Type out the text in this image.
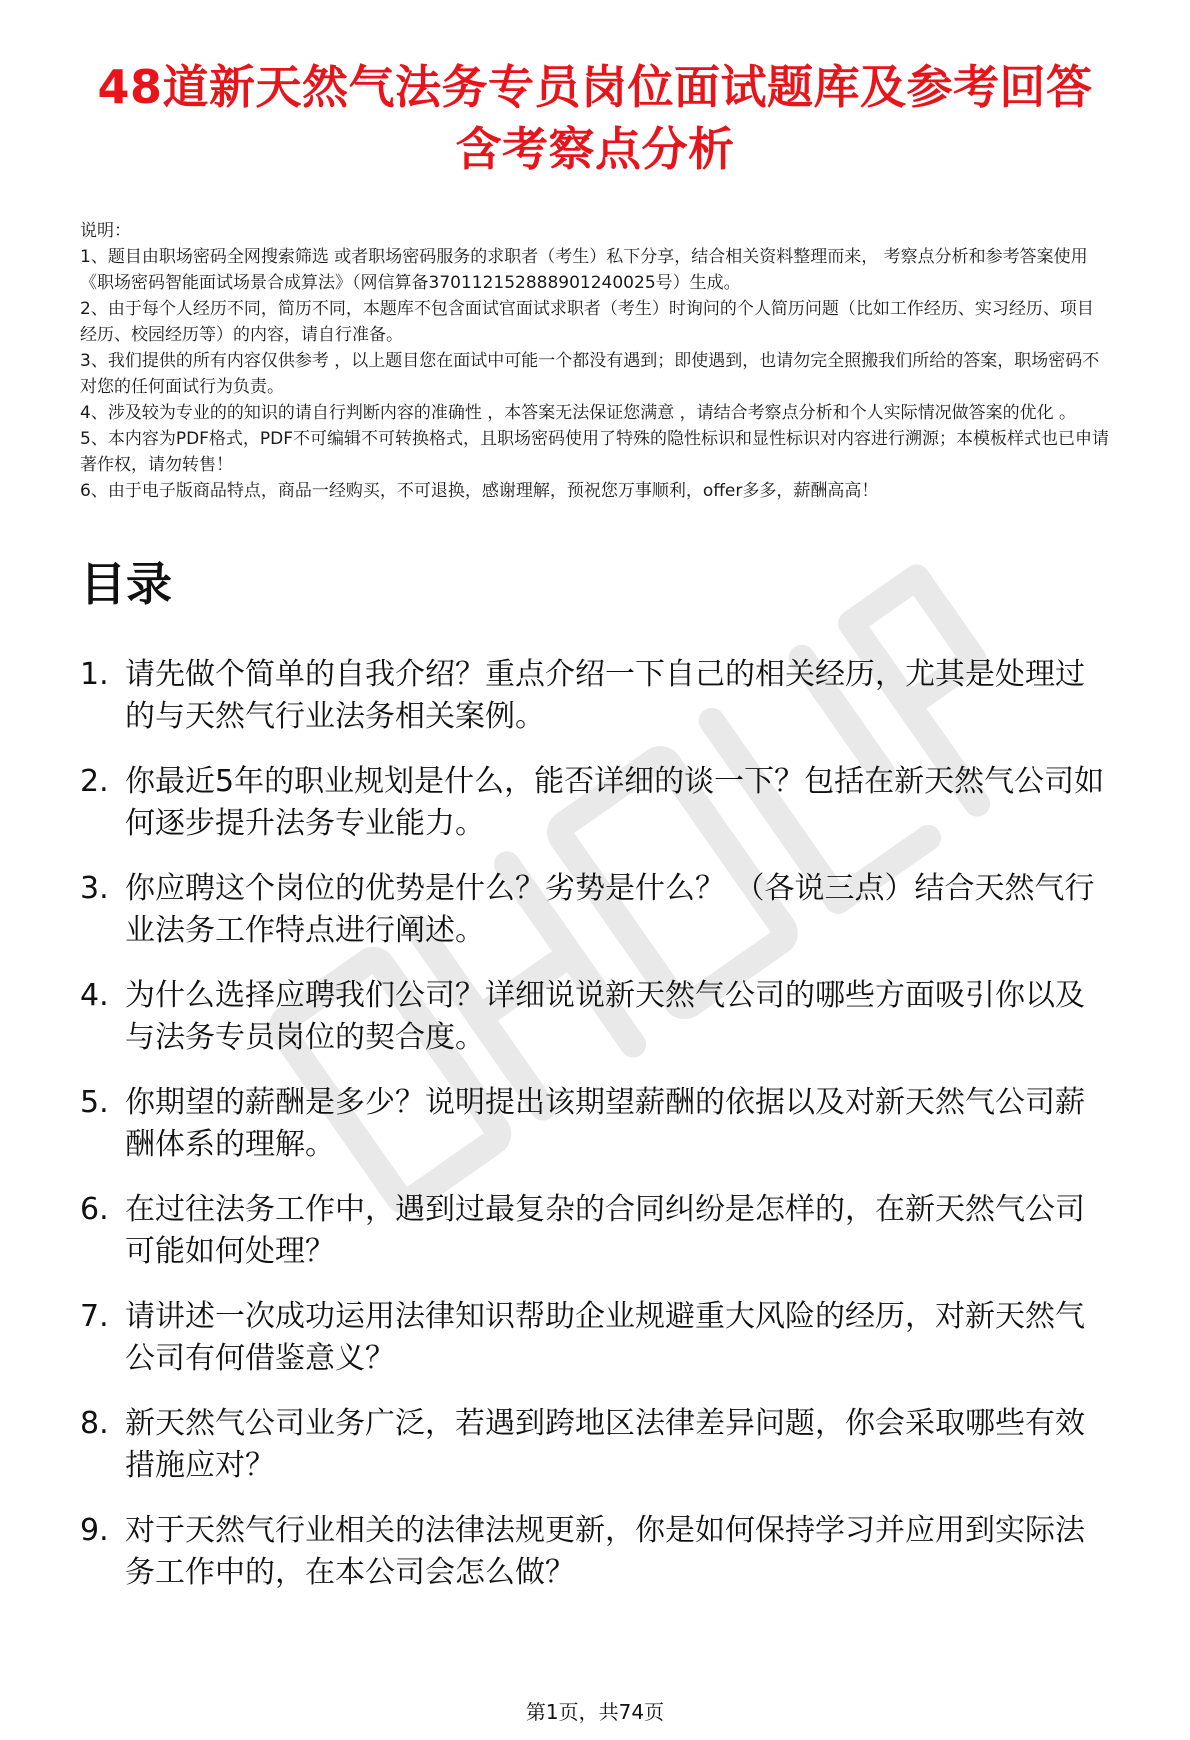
48道新天然气法务专员岗位面试题库及参考回答含考察点分析

说明：

1、题目由职场密码全网搜索筛选 或者职场密码服务的求职者（考生）私下分享，结合相关资料整理而来， 考察点分析和参考答案使用《职场密码智能面试场景合成算法》（网信算备370112152888901240025号）生成。

2、由于每个人经历不同，简历不同，本题库不包含面试官面试求职者（考生）时询问的个人简历问题（比如工作经历、实习经历、项目经历、校园经历等）的内容，请自行准备。

3、我们提供的所有内容仅供参考 ，以上题目您在面试中可能一个都没有遇到；即使遇到，也请勿完全照搬我们所给的答案，职场密码不对您的任何面试行为负责。

4、涉及较为专业的的知识的请自行判断内容的准确性 ，本答案无法保证您满意 ，请结合考察点分析和个人实际情况做答案的优化 。

5、本内容为PDF格式，PDF不可编辑不可转换格式，且职场密码使用了特殊的隐性标识和显性标识对内容进行溯源；本模板样式也已申请著作权，请勿转售！

6、由于电子版商品特点，商品一经购买，不可退换，感谢理解，预祝您万事顺利，offer多多，薪酬高高！

目录
1. 请先做个简单的自我介绍？重点介绍一下自己的相关经历，尤其是处理过的与天然气行业法务相关案例。
2. 你最近5年的职业规划是什么，能否详细的谈一下？包括在新天然气公司如何逐步提升法务专业能力。
3. 你应聘这个岗位的优势是什么？劣势是什么？ （各说三点）结合天然气行业法务工作特点进行阐述。
4. 为什么选择应聘我们公司？详细说说新天然气公司的哪些方面吸引你以及与法务专员岗位的契合度。
5. 你期望的薪酬是多少？说明提出该期望薪酬的依据以及对新天然气公司薪酬体系的理解。
6. 在过往法务工作中，遇到过最复杂的合同纠纷是怎样的，在新天然气公司可能如何处理？
7. 请讲述一次成功运用法律知识帮助企业规避重大风险的经历，对新天然气公司有何借鉴意义？
8. 新天然气公司业务广泛，若遇到跨地区法律差异问题，你会采取哪些有效措施应对？
9. 对于天然气行业相关的法律法规更新，你是如何保持学习并应用到实际法务工作中的，在本公司会怎么做？
第1页，共74页
